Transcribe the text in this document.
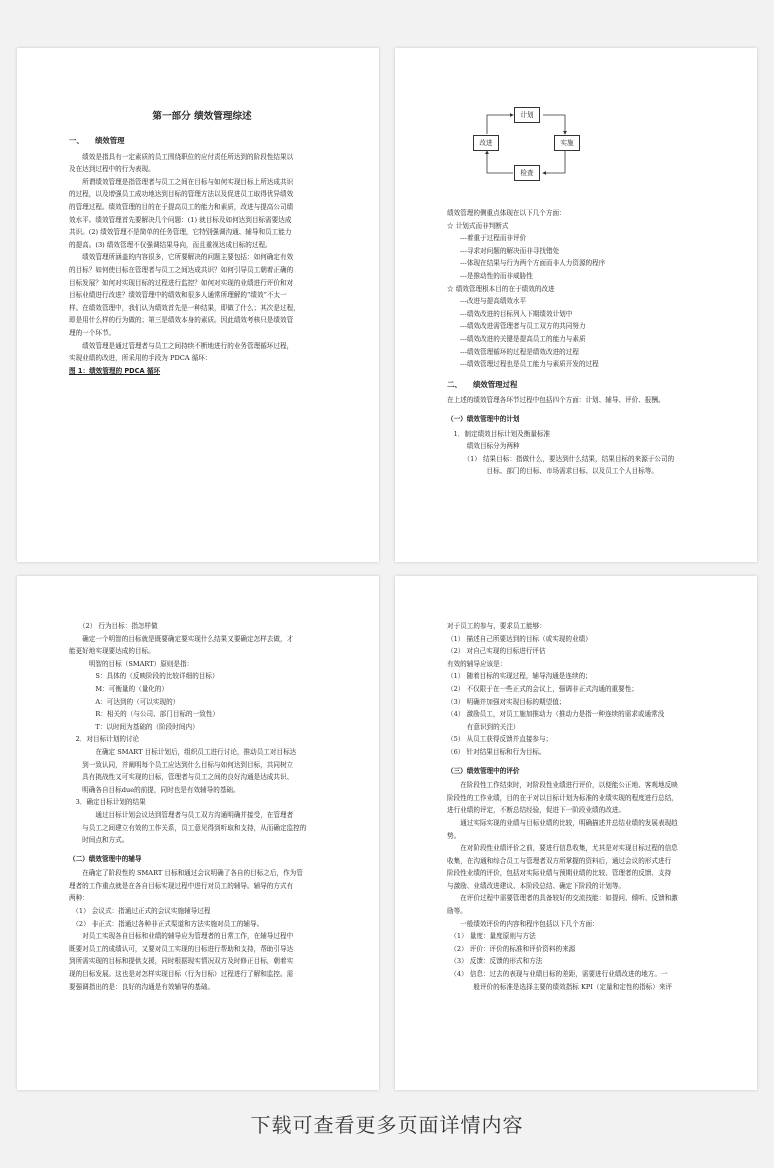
第一部分 绩效管理综述
一、 绩效管理
　　绩效是指具有一定素质的员工围绕职位的应付责任所达到的阶段性结果以
及在达到过程中的行为表现。
　　所谓绩效管理是指管理者与员工之间在目标与如何实现目标上所达成共识
的过程，以及增强员工成功地达到目标的管理方法以及促进员工取得优异绩效
的管理过程。绩效管理的目的在于提高员工的能力和素质，改进与提高公司绩
效水平。绩效管理首先要解决几个问题：(1) 就目标及如何达到目标需要达成
共识。(2) 绩效管理不是简单的任务管理，它特别强调沟通、辅导和员工能力
的提高。(3) 绩效管理不仅强调结果导向，而且重视达成目标的过程。
　　绩效管理所涵盖的内容很多，它所要解决的问题主要包括：如何确定有效
的目标？如何使目标在管理者与员工之间达成共识？如何引导员工朝着正确的
目标发展？如何对实现目标的过程进行监控？如何对实现的业绩进行评价和对
目标业绩进行改进？绩效管理中的绩效和很多人通常所理解的“绩效”不太一
样。在绩效管理中，我们认为绩效首先是一种结果，即做了什么；其次是过程，
即是用什么样的行为做的；第三是绩效本身的素质。因此绩效考核只是绩效管
理的一个环节。
　　绩效管理是通过管理者与员工之间持续不断地进行的业务管理循环过程，
实现业绩的改进，所采用的手段为 PDCA 循环：
图 1：绩效管理的 PDCA 循环
计划
实施
检查
改进
绩效管理的侧重点体现在以下几个方面：
☆ 计划式而非判断式
　　---着重于过程而非评价
　　---寻求对问题的解决而非寻找错处
　　---体现在结果与行为两个方面而非人力资源的程序
　　---是推动性的而非威胁性
☆ 绩效管理根本目的在于绩效的改进
　　---改进与提高绩效水平
　　---绩效改进的目标列入下期绩效计划中
　　---绩效改进需管理者与员工双方的共同努力
　　---绩效改进的关键是提高员工的能力与素质
　　---绩效管理循环的过程是绩效改进的过程
　　---绩效管理过程也是员工能力与素质开发的过程
二、 绩效管理过程
在上述的绩效管理各环节过程中包括四个方面：计划、辅导、评价、报酬。
（一）绩效管理中的计划
　1．制定绩效目标计划及衡量标准
　　　绩效目标分为两种
　　　（1） 结果目标：指做什么，要达到什么结果，结果目标的来源于公司的
　　　　　　目标、部门的目标、市场需求目标、以及员工个人目标等。
　　（2） 行为目标：指怎样做
　　确定一个明智的目标就是既要确定要实现什么结果又要确定怎样去做，才
能更好地实现要达成的目标。
　　　明智的目标（SMART）原则是指：
　　　　S：具体的（反映阶段的比较详细的目标）
　　　　M：可衡量的（量化的）
　　　　A：可达到的（可以实现的）
　　　　R：相关的（与公司、部门目标的一致性）
　　　　T：以时间为基础的（阶段时间内）
　2．对目标计划的讨论
　　　　在确定 SMART 目标计划后，组织员工进行讨论，推动员工对目标达
　　到一致认同，并阐明每个员工应达到什么目标与如何达到目标，共同树立
　　具有挑战性又可实现的目标，管理者与员工之间的良好沟通是达成共识、
　　明确各自目标due的前提，同时也是有效辅导的基础。
　3．确定目标计划的结果
　　　　通过目标计划会议达到管理者与员工双方沟通明确并接受，在管理者
　　与员工之间建立有效的工作关系，员工意见得到听取和支持，从而确定监控的
　　时间点和方式。
（二）绩效管理中的辅导
　　在确定了阶段性的 SMART 目标和通过会议明确了各自的目标之后，作为管
理者的工作重点就是在各自目标实现过程中进行对员工的辅导。辅导的方式有
两种：
　（1） 会议式：指通过正式的会议实施辅导过程
　（2） 非正式：指通过各种非正式渠道和方法实施对员工的辅导。
　　对员工实现各自目标和业绩的辅导应为管理者的日常工作，在辅导过程中
既要对员工的成绩认可，又要对员工实现的目标进行帮助和支持，帮助引导达
到所需实现的目标和提供支援，同时根据现实情况双方及时修正目标，朝着实
现的目标发展。这也是对怎样实现目标（行为目标）过程进行了解和监控。需
要强调指出的是：良好的沟通是有效辅导的基础。
对于员工的参与，要求员工能够：
（1） 描述自己所要达到的目标（或实现的业绩）
（2） 对自己实现的目标进行评估
有效的辅导应该是：
（1） 随着目标的实现过程，辅导沟通是连续的；
（2） 不仅限于在一些正式的会议上，强调非正式沟通的重要性；
（3） 明确并加强对实现目标的期望值；
（4） 激励员工，对员工施加推动力（推动力是指一种连续的需求或通常没
　　　有意识到的关注）
（5） 从员工获得反馈并直接参与；
（6） 针对结果目标和行为目标。
（三）绩效管理中的评价
　　在阶段性工作结束时，对阶段性业绩进行评价，以便能公正地、客观地反映
阶段性的工作业绩，目的在于对以目标计划为标准的业绩实现的程度进行总结，
进行业绩的评定，不断总结经验，促进下一阶段业绩的改进。
　　通过实际实现的业绩与目标业绩的比较，明确描述并总结业绩的发展表现趋
势。
　　在对阶段性业绩评价之前，要进行信息收集，尤其是对实现目标过程的信息
收集，在沟通和综合员工与管理者双方所掌握的资料后，通过会议的形式进行
阶段性业绩的评价，包括对实际业绩与预期业绩的比较、管理者的反馈、支持
与激励、业绩改进建议、本阶段总结、确定下阶段的计划等。
　　在评价过程中需要管理者的具备较好的交流技能：如提问、倾听、反馈和激
励等。
　　一般绩效评价的内容和程序包括以下几个方面：
　（1） 量度：量度原则与方法
　（2） 评价：评价的标准和评价资料的来源
　（3） 反馈：反馈的形式和方法
　（4） 信息：过去的表现与业绩目标的差距，需要进行业绩改进的地方。一
　　　　般评价的标准是选择主要的绩效指标 KPI（定量和定性的指标）来评
下载可查看更多页面详情内容
